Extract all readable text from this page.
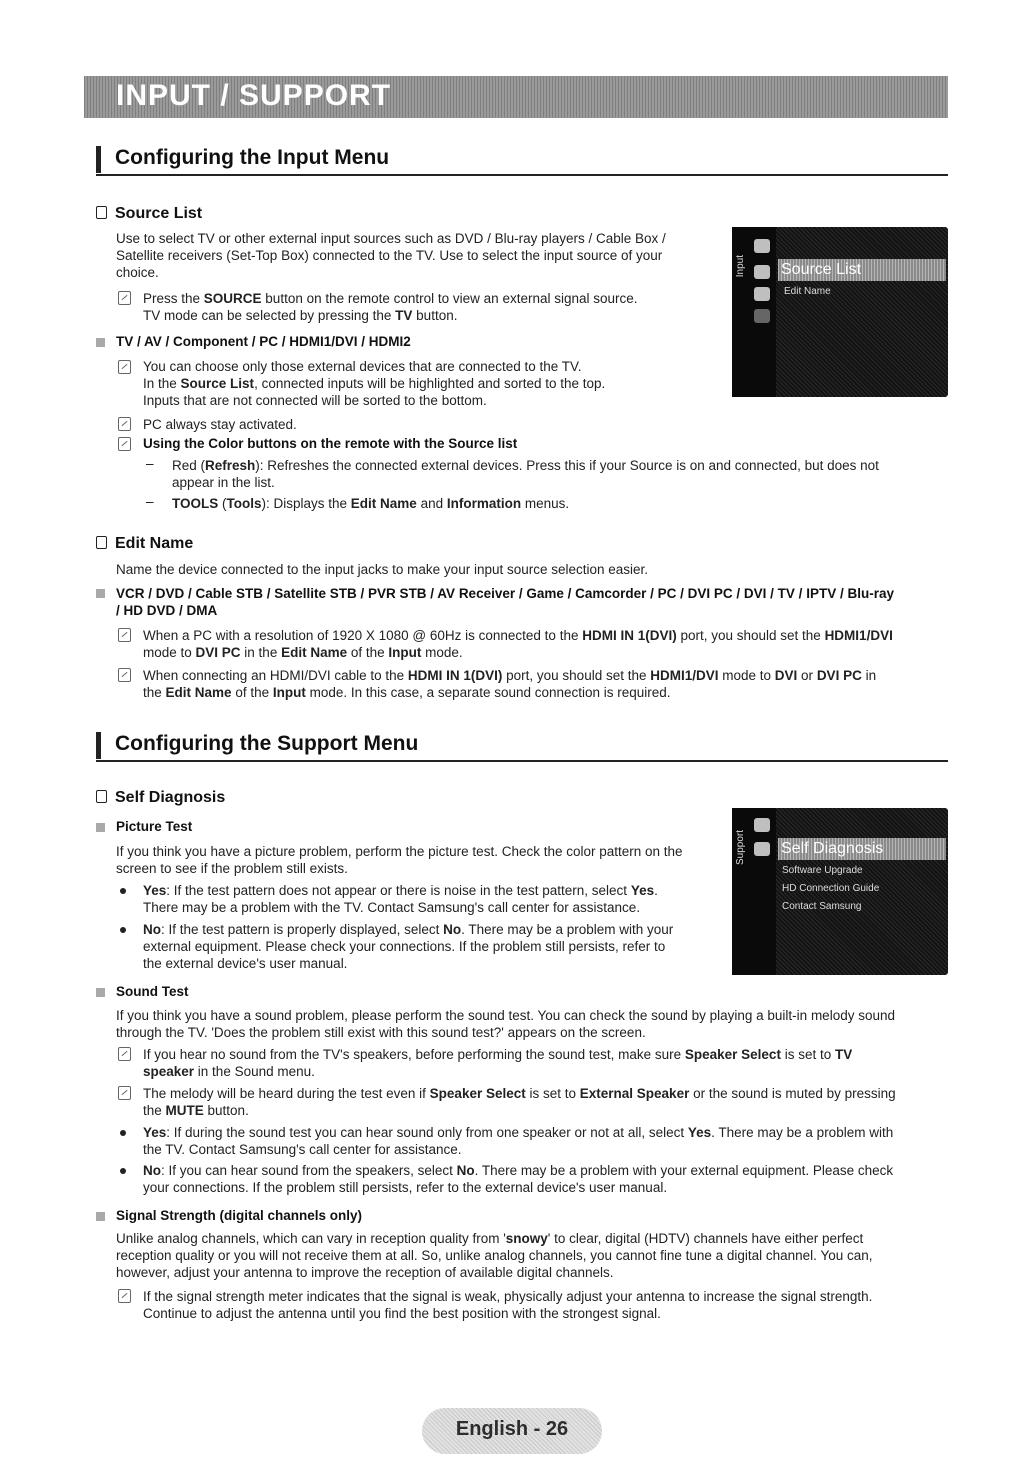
INPUT / SUPPORT
Configuring the Input Menu
Source List
Use to select TV or other external input sources such as DVD / Blu-ray players / Cable Box /
Satellite receivers (Set-Top Box) connected to the TV. Use to select the input source of your
choice.
Press the SOURCE button on the remote control to view an external signal source.
TV mode can be selected by pressing the TV button.
TV / AV / Component / PC / HDMI1/DVI / HDMI2
You can choose only those external devices that are connected to the TV.
In the Source List, connected inputs will be highlighted and sorted to the top.
Inputs that are not connected will be sorted to the bottom.
PC always stay activated.
Using the Color buttons on the remote with the Source list
– Red (Refresh): Refreshes the connected external devices. Press this if your Source is on and connected, but does not
appear in the list.
– TOOLS (Tools): Displays the Edit Name and Information menus.
Edit Name
Name the device connected to the input jacks to make your input source selection easier.
VCR / DVD / Cable STB / Satellite STB / PVR STB / AV Receiver / Game / Camcorder / PC / DVI PC / DVI / TV / IPTV / Blu-ray
/ HD DVD / DMA
When a PC with a resolution of 1920 X 1080 @ 60Hz is connected to the HDMI IN 1(DVI) port, you should set the HDMI1/DVI
mode to DVI PC in the Edit Name of the Input mode.
When connecting an HDMI/DVI cable to the HDMI IN 1(DVI) port, you should set the HDMI1/DVI mode to DVI or DVI PC in
the Edit Name of the Input mode. In this case, a separate sound connection is required.
Configuring the Support Menu
Self Diagnosis
Picture Test
If you think you have a picture problem, perform the picture test. Check the color pattern on the
screen to see if the problem still exists.
Yes: If the test pattern does not appear or there is noise in the test pattern, select Yes.
There may be a problem with the TV. Contact Samsung's call center for assistance.
No: If the test pattern is properly displayed, select No. There may be a problem with your
external equipment. Please check your connections. If the problem still persists, refer to
the external device's user manual.
Sound Test
If you think you have a sound problem, please perform the sound test. You can check the sound by playing a built-in melody sound
through the TV. 'Does the problem still exist with this sound test?' appears on the screen.
If you hear no sound from the TV's speakers, before performing the sound test, make sure Speaker Select is set to TV
speaker in the Sound menu.
The melody will be heard during the test even if Speaker Select is set to External Speaker or the sound is muted by pressing
the MUTE button.
Yes: If during the sound test you can hear sound only from one speaker or not at all, select Yes. There may be a problem with
the TV. Contact Samsung's call center for assistance.
No: If you can hear sound from the speakers, select No. There may be a problem with your external equipment. Please check
your connections. If the problem still persists, refer to the external device's user manual.
Signal Strength (digital channels only)
Unlike analog channels, which can vary in reception quality from 'snowy' to clear, digital (HDTV) channels have either perfect
reception quality or you will not receive them at all. So, unlike analog channels, you cannot fine tune a digital channel. You can,
however, adjust your antenna to improve the reception of available digital channels.
If the signal strength meter indicates that the signal is weak, physically adjust your antenna to increase the signal strength.
Continue to adjust the antenna until you find the best position with the strongest signal.
Input Source List
Edit Name
Support Self Diagnosis
Software Upgrade
HD Connection Guide
Contact Samsung
English - 26
